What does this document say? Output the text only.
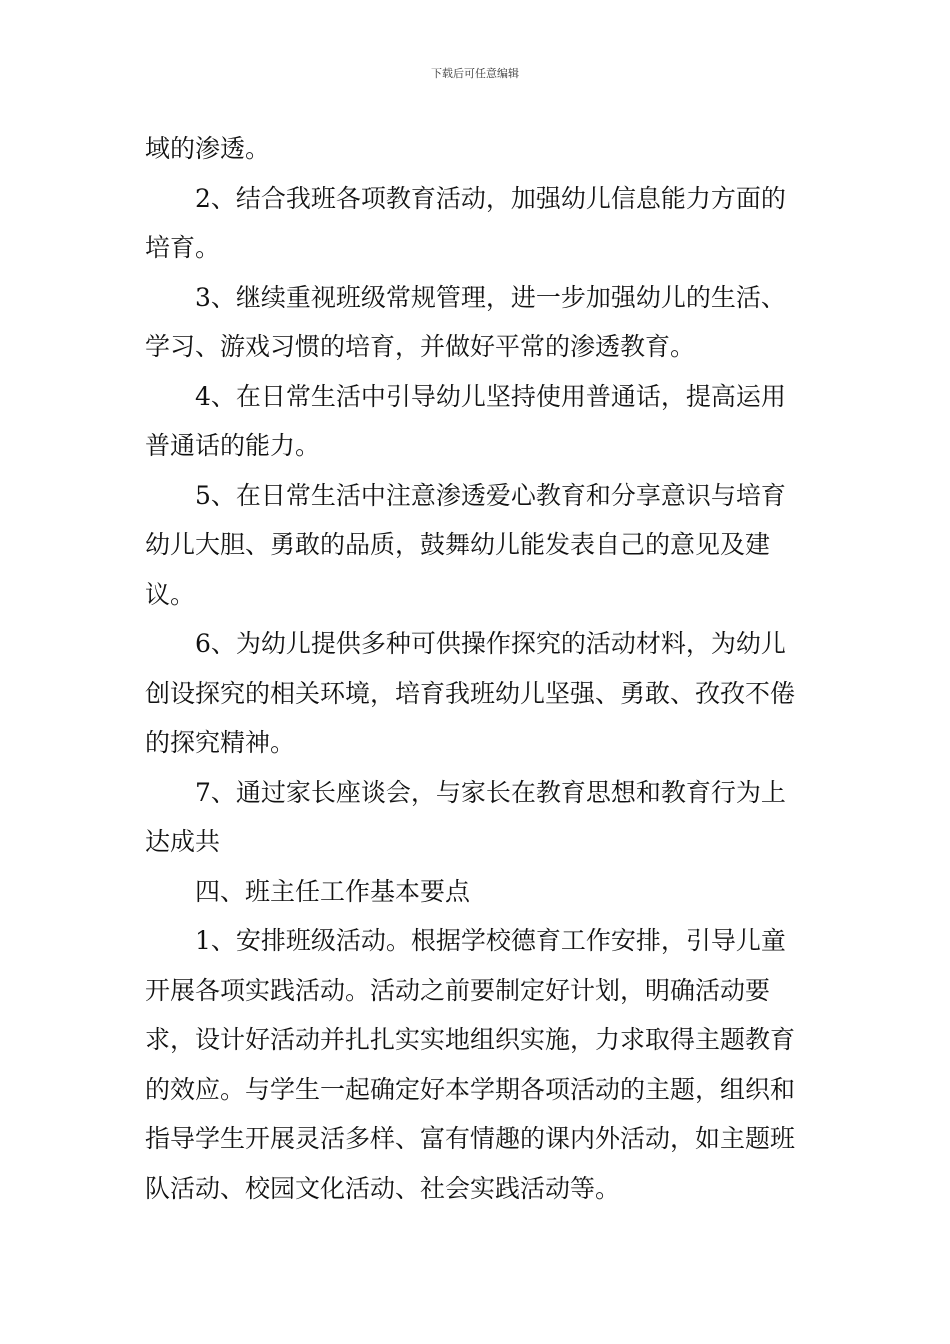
下载后可任意编辑

域的渗透。

2、结合我班各项教育活动，加强幼儿信息能力方面的培育。

3、继续重视班级常规管理，进一步加强幼儿的生活、学习、游戏习惯的培育，并做好平常的渗透教育。

4、在日常生活中引导幼儿坚持使用普通话，提高运用普通话的能力。

5、在日常生活中注意渗透爱心教育和分享意识与培育幼儿大胆、勇敢的品质，鼓舞幼儿能发表自己的意见及建议。

6、为幼儿提供多种可供操作探究的活动材料，为幼儿创设探究的相关环境，培育我班幼儿坚强、勇敢、孜孜不倦的探究精神。

7、通过家长座谈会，与家长在教育思想和教育行为上达成共

四、班主任工作基本要点

1、安排班级活动。根据学校德育工作安排，引导儿童开展各项实践活动。活动之前要制定好计划，明确活动要求，设计好活动并扎扎实实地组织实施，力求取得主题教育的效应。与学生一起确定好本学期各项活动的主题，组织和指导学生开展灵活多样、富有情趣的课内外活动，如主题班队活动、校园文化活动、社会实践活动等。
